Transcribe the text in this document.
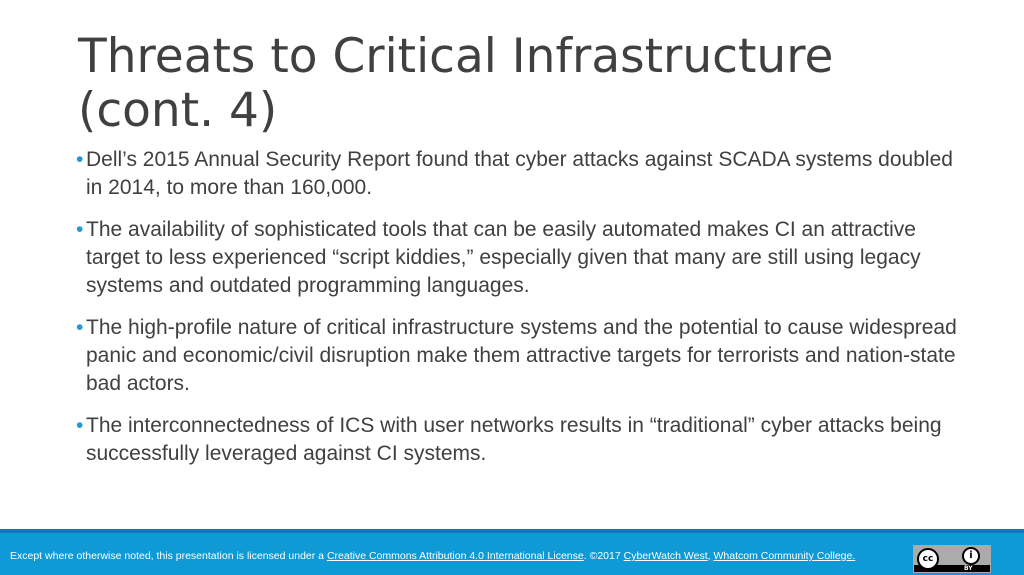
Threats to Critical Infrastructure
(cont. 4)
• Dell’s 2015 Annual Security Report found that cyber attacks against SCADA systems doubled in 2014, to more than 160,000.
• The availability of sophisticated tools that can be easily automated makes CI an attractive target to less experienced “script kiddies,” especially given that many are still using legacy systems and outdated programming languages.
• The high-profile nature of critical infrastructure systems and the potential to cause widespread panic and economic/civil disruption make them attractive targets for terrorists and nation-state bad actors.
• The interconnectedness of ICS with user networks results in “traditional” cyber attacks being successfully leveraged against CI systems.
Except where otherwise noted, this presentation is licensed under a Creative Commons Attribution 4.0 International License. ©2017 CyberWatch West, Whatcom Community College.	cc	i
BY
